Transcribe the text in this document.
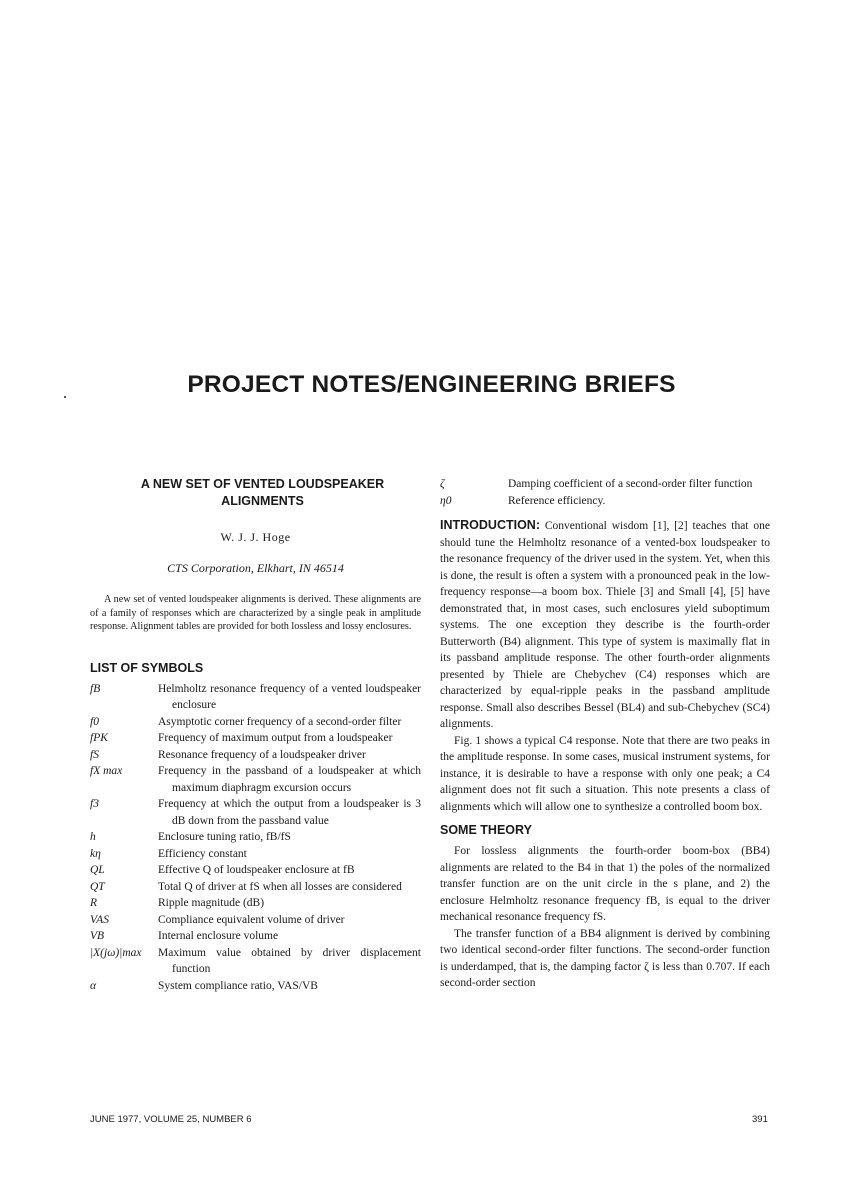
PROJECT NOTES/ENGINEERING BRIEFS
A NEW SET OF VENTED LOUDSPEAKER ALIGNMENTS
W. J. J. Hoge
CTS Corporation, Elkhart, IN 46514

A new set of vented loudspeaker alignments is derived. These alignments are of a family of responses which are characterized by a single peak in amplitude response. Alignment tables are provided for both lossless and lossy enclosures.

LIST OF SYMBOLS
fB	Helmholtz resonance frequency of a vented loudspeaker enclosure
f0	Asymptotic corner frequency of a second-order filter
fPK	Frequency of maximum output from a loudspeaker
fS	Resonance frequency of a loudspeaker driver
fX max	Frequency in the passband of a loudspeaker at which maximum diaphragm excursion occurs
f3	Frequency at which the output from a loudspeaker is 3 dB down from the passband value
h	Enclosure tuning ratio, fB/fS
kη	Efficiency constant
QL	Effective Q of loudspeaker enclosure at fB
QT	Total Q of driver at fS when all losses are considered
R	Ripple magnitude (dB)
VAS	Compliance equivalent volume of driver
VB	Internal enclosure volume
|X(jω)|max	Maximum value obtained by driver displacement function
α	System compliance ratio, VAS/VB
ζ	Damping coefficient of a second-order filter function
η0	Reference efficiency.

INTRODUCTION: Conventional wisdom [1], [2] teaches that one should tune the Helmholtz resonance of a vented-box loudspeaker to the resonance frequency of the driver used in the system. Yet, when this is done, the result is often a system with a pronounced peak in the low-frequency response—a boom box. Thiele [3] and Small [4], [5] have demonstrated that, in most cases, such enclosures yield suboptimum systems. The one exception they describe is the fourth-order Butterworth (B4) alignment. This type of system is maximally flat in its passband amplitude response. The other fourth-order alignments presented by Thiele are Chebychev (C4) responses which are characterized by equal-ripple peaks in the passband amplitude response. Small also describes Bessel (BL4) and sub-Chebychev (SC4) alignments.

Fig. 1 shows a typical C4 response. Note that there are two peaks in the amplitude response. In some cases, musical instrument systems, for instance, it is desirable to have a response with only one peak; a C4 alignment does not fit such a situation. This note presents a class of alignments which will allow one to synthesize a controlled boom box.

SOME THEORY

For lossless alignments the fourth-order boom-box (BB4) alignments are related to the B4 in that 1) the poles of the normalized transfer function are on the unit circle in the s plane, and 2) the enclosure Helmholtz resonance frequency fB, is equal to the driver mechanical resonance frequency fS.

The transfer function of a BB4 alignment is derived by combining two identical second-order filter functions. The second-order function is underdamped, that is, the damping factor ζ is less than 0.707. If each second-order section

JUNE 1977, VOLUME 25, NUMBER 6	391
